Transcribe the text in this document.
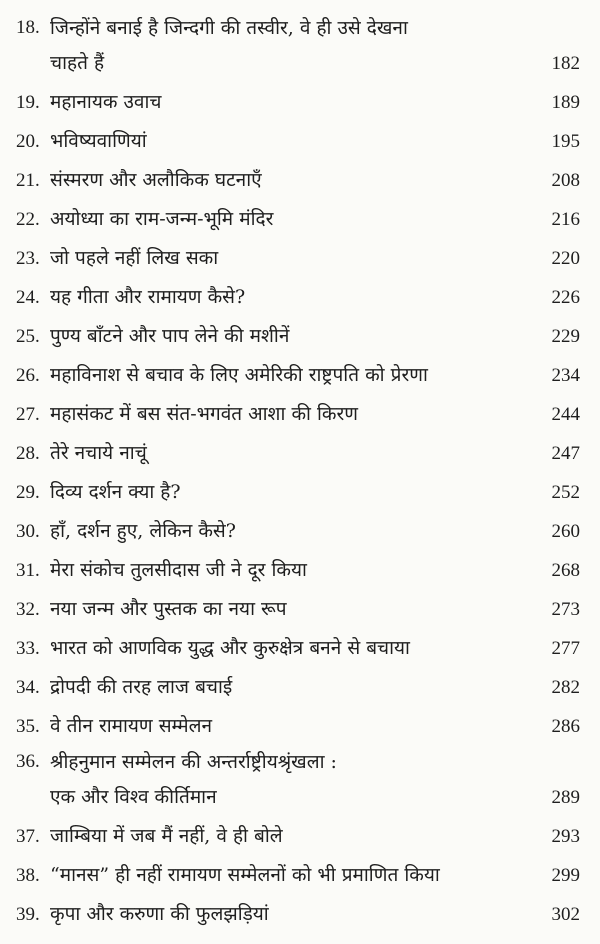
18. जिन्होंने बनाई है जिन्दगी की तस्वीर, वे ही उसे देखना
चाहते हैं	182
19. महानायक उवाच	189
20. भविष्यवाणियां	195
21. संस्मरण और अलौकिक घटनाएँ	208
22. अयोध्या का राम-जन्म-भूमि मंदिर	216
23. जो पहले नहीं लिख सका	220
24. यह गीता और रामायण कैसे?	226
25. पुण्य बाँटने और पाप लेने की मशीनें	229
26. महाविनाश से बचाव के लिए अमेरिकी राष्ट्रपति को प्रेरणा	234
27. महासंकट में बस संत-भगवंत आशा की किरण	244
28. तेरे नचाये नाचूं	247
29. दिव्य दर्शन क्या है?	252
30. हाँ, दर्शन हुए, लेकिन कैसे?	260
31. मेरा संकोच तुलसीदास जी ने दूर किया	268
32. नया जन्म और पुस्तक का नया रूप	273
33. भारत को आणविक युद्ध और कुरुक्षेत्र बनने से बचाया	277
34. द्रोपदी की तरह लाज बचाई	282
35. वे तीन रामायण सम्मेलन	286
36. श्रीहनुमान सम्मेलन की अन्तर्राष्ट्रीयश्रृंखला :
एक और विश्व कीर्तिमान	289
37. जाम्बिया में जब मैं नहीं, वे ही बोले	293
38. “मानस” ही नहीं रामायण सम्मेलनों को भी प्रमाणित किया	299
39. कृपा और करुणा की फुलझड़ियां	302
